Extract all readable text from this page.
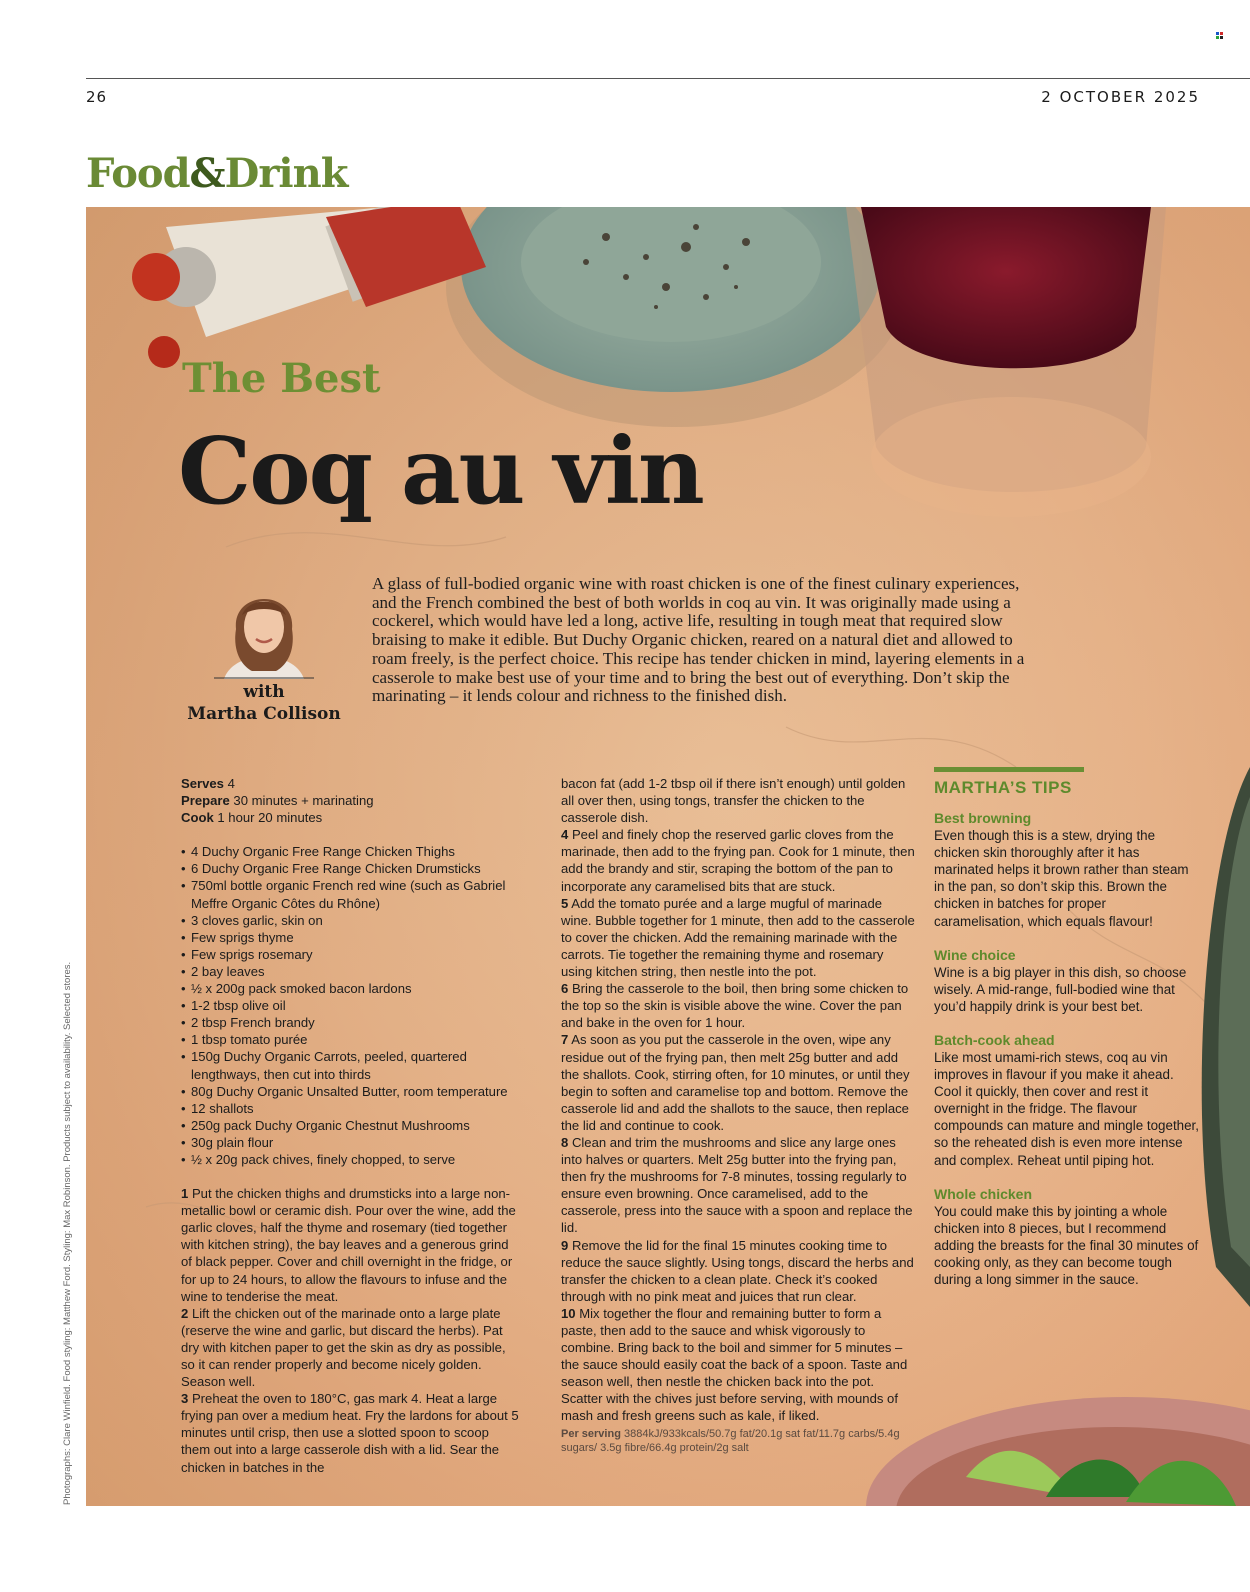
26	2 OCTOBER 2025
Food&Drink
The Best
Coq au vin
with
Martha Collison
A glass of full-bodied organic wine with roast chicken is one of the finest culinary experiences, and the French combined the best of both worlds in coq au vin. It was originally made using a cockerel, which would have led a long, active life, resulting in tough meat that required slow braising to make it edible. But Duchy Organic chicken, reared on a natural diet and allowed to roam freely, is the perfect choice. This recipe has tender chicken in mind, layering elements in a casserole to make best use of your time and to bring the best out of everything. Don’t skip the marinating – it lends colour and richness to the finished dish.
Serves 4
Prepare 30 minutes + marinating
Cook 1 hour 20 minutes
• 4 Duchy Organic Free Range Chicken Thighs
• 6 Duchy Organic Free Range Chicken Drumsticks
• 750ml bottle organic French red wine (such as Gabriel Meffre Organic Côtes du Rhône)
• 3 cloves garlic, skin on
• Few sprigs thyme
• Few sprigs rosemary
• 2 bay leaves
• ½ x 200g pack smoked bacon lardons
• 1-2 tbsp olive oil
• 2 tbsp French brandy
• 1 tbsp tomato purée
• 150g Duchy Organic Carrots, peeled, quartered lengthways, then cut into thirds
• 80g Duchy Organic Unsalted Butter, room temperature
• 12 shallots
• 250g pack Duchy Organic Chestnut Mushrooms
• 30g plain flour
• ½ x 20g pack chives, finely chopped, to serve

1 Put the chicken thighs and drumsticks into a large non-metallic bowl or ceramic dish. Pour over the wine, add the garlic cloves, half the thyme and rosemary (tied together with kitchen string), the bay leaves and a generous grind of black pepper. Cover and chill overnight in the fridge, or for up to 24 hours, to allow the flavours to infuse and the wine to tenderise the meat.

2 Lift the chicken out of the marinade onto a large plate (reserve the wine and garlic, but discard the herbs). Pat dry with kitchen paper to get the skin as dry as possible, so it can render properly and become nicely golden. Season well.

3 Preheat the oven to 180°C, gas mark 4. Heat a large frying pan over a medium heat. Fry the lardons for about 5 minutes until crisp, then use a slotted spoon to scoop them out into a large casserole dish with a lid. Sear the chicken in batches in the

bacon fat (add 1-2 tbsp oil if there isn’t enough) until golden all over then, using tongs, transfer the chicken to the casserole dish.

4 Peel and finely chop the reserved garlic cloves from the marinade, then add to the frying pan. Cook for 1 minute, then add the brandy and stir, scraping the bottom of the pan to incorporate any caramelised bits that are stuck.

5 Add the tomato purée and a large mugful of marinade wine. Bubble together for 1 minute, then add to the casserole to cover the chicken. Add the remaining marinade with the carrots. Tie together the remaining thyme and rosemary using kitchen string, then nestle into the pot.

6 Bring the casserole to the boil, then bring some chicken to the top so the skin is visible above the wine. Cover the pan and bake in the oven for 1 hour.

7 As soon as you put the casserole in the oven, wipe any residue out of the frying pan, then melt 25g butter and add the shallots. Cook, stirring often, for 10 minutes, or until they begin to soften and caramelise top and bottom. Remove the casserole lid and add the shallots to the sauce, then replace the lid and continue to cook.

8 Clean and trim the mushrooms and slice any large ones into halves or quarters. Melt 25g butter into the frying pan, then fry the mushrooms for 7-8 minutes, tossing regularly to ensure even browning. Once caramelised, add to the casserole, press into the sauce with a spoon and replace the lid.

9 Remove the lid for the final 15 minutes cooking time to reduce the sauce slightly. Using tongs, discard the herbs and transfer the chicken to a clean plate. Check it’s cooked through with no pink meat and juices that run clear.

10 Mix together the flour and remaining butter to form a paste, then add to the sauce and whisk vigorously to combine. Bring back to the boil and simmer for 5 minutes – the sauce should easily coat the back of a spoon. Taste and season well, then nestle the chicken back into the pot. Scatter with the chives just before serving, with mounds of mash and fresh greens such as kale, if liked.

Per serving 3884kJ/933kcals/50.7g fat/20.1g sat fat/11.7g carbs/5.4g sugars/ 3.5g fibre/66.4g protein/2g salt
MARTHA’S TIPS
Best browning

Even though this is a stew, drying the chicken skin thoroughly after it has marinated helps it brown rather than steam in the pan, so don’t skip this. Brown the chicken in batches for proper caramelisation, which equals flavour!

Wine choice

Wine is a big player in this dish, so choose wisely. A mid-range, full-bodied wine that you’d happily drink is your best bet.

Batch-cook ahead

Like most umami-rich stews, coq au vin improves in flavour if you make it ahead. Cool it quickly, then cover and rest it overnight in the fridge. The flavour compounds can mature and mingle together, so the reheated dish is even more intense and complex. Reheat until piping hot.

Whole chicken

You could make this by jointing a whole chicken into 8 pieces, but I recommend adding the breasts for the final 30 minutes of cooking only, as they can become tough during a long simmer in the sauce.

Photographs: Clare Winfield. Food styling: Matthew Ford. Styling: Max Robinson. Products subject to availability. Selected stores.
